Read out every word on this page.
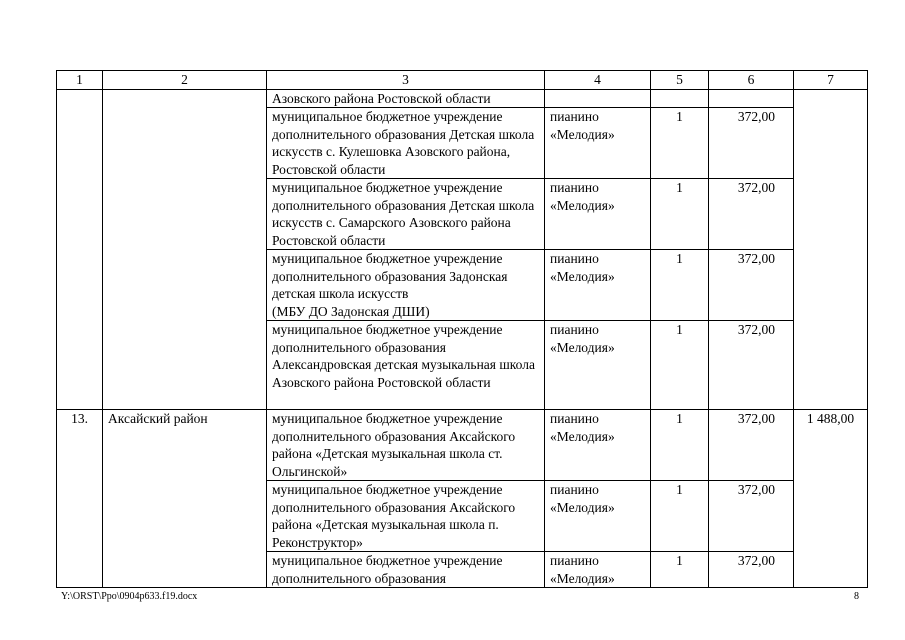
1	2	3	4	5	6	7
		Азовского района Ростовской области				
		муниципальное бюджетное учреждение дополнительного образования Детская школа искусств с. Кулешовка Азовского района, Ростовской области	пианино «Мелодия»	1	372,00	
		муниципальное бюджетное учреждение дополнительного образования Детская школа искусств с. Самарского Азовского района Ростовской области	пианино «Мелодия»	1	372,00	
		муниципальное бюджетное учреждение дополнительного образования Задонская детская школа искусств
(МБУ ДО Задонская ДШИ)	пианино «Мелодия»	1	372,00	
		муниципальное бюджетное учреждение дополнительного образования Александровская детская музыкальная школа Азовского района Ростовской области	пианино «Мелодия»	1	372,00	
13.	Аксайский район	муниципальное бюджетное учреждение дополнительного образования Аксайского района «Детская музыкальная школа ст. Ольгинской»	пианино «Мелодия»	1	372,00	1 488,00
		муниципальное бюджетное учреждение дополнительного образования Аксайского района «Детская музыкальная школа п. Реконструктор»	пианино «Мелодия»	1	372,00	
		муниципальное бюджетное учреждение дополнительного образования	пианино «Мелодия»	1	372,00	
Y:\ORST\Ppo\0904p633.f19.docx	8
